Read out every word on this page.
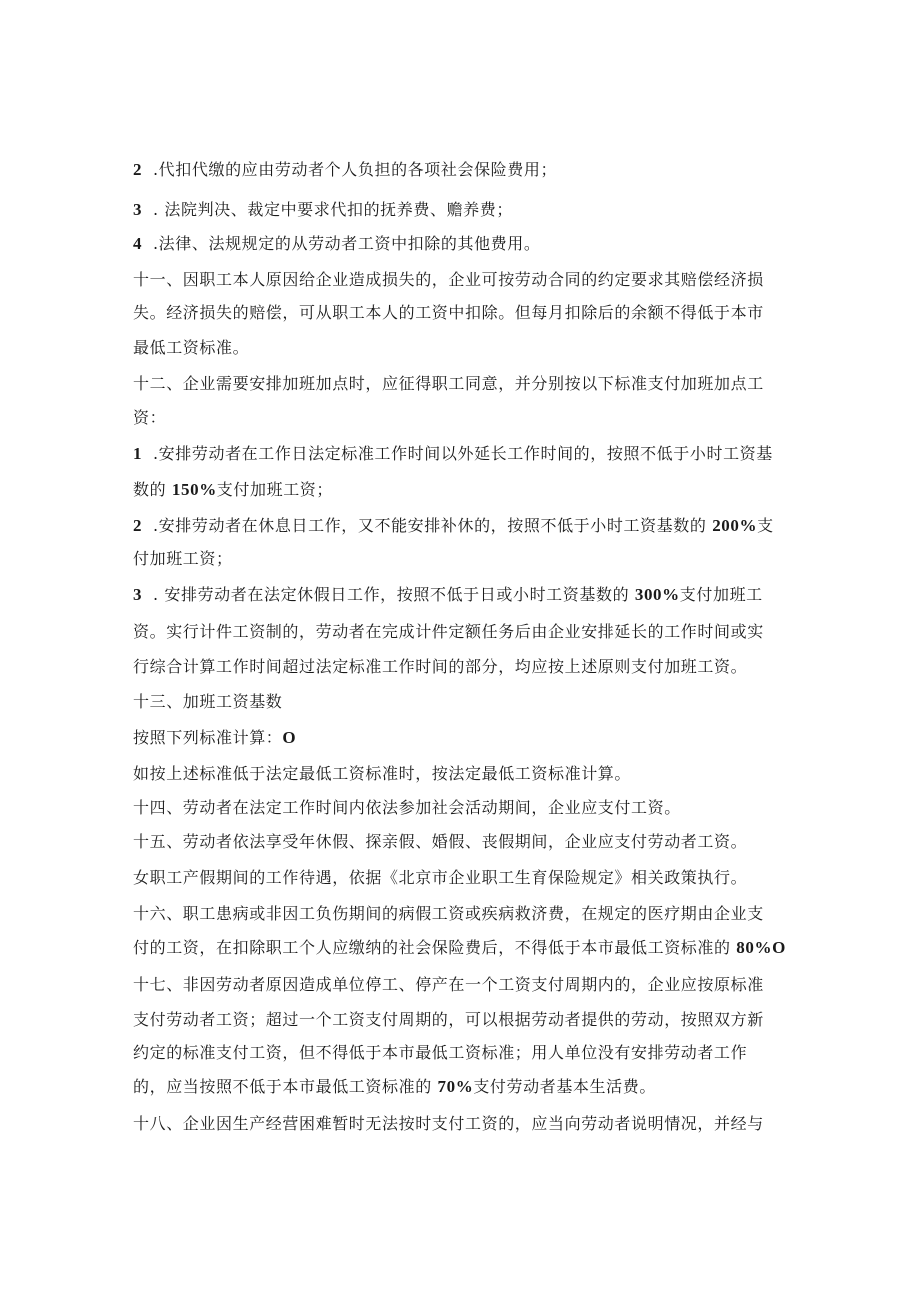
2 .代扣代缴的应由劳动者个人负担的各项社会保险费用；
3 . 法院判决、裁定中要求代扣的抚养费、赡养费；
4 .法律、法规规定的从劳动者工资中扣除的其他费用。
十一、因职工本人原因给企业造成损失的，企业可按劳动合同的约定要求其赔偿经济损
失。经济损失的赔偿，可从职工本人的工资中扣除。但每月扣除后的余额不得低于本市
最低工资标准。
十二、企业需要安排加班加点时，应征得职工同意，并分别按以下标准支付加班加点工
资：
1 .安排劳动者在工作日法定标准工作时间以外延长工作时间的，按照不低于小时工资基
数的 150%支付加班工资；
2 .安排劳动者在休息日工作，又不能安排补休的，按照不低于小时工资基数的 200%支
付加班工资；
3 . 安排劳动者在法定休假日工作，按照不低于日或小时工资基数的 300%支付加班工
资。实行计件工资制的，劳动者在完成计件定额任务后由企业安排延长的工作时间或实
行综合计算工作时间超过法定标准工作时间的部分，均应按上述原则支付加班工资。
十三、加班工资基数
按照下列标准计算：O
如按上述标准低于法定最低工资标准时，按法定最低工资标准计算。
十四、劳动者在法定工作时间内依法参加社会活动期间，企业应支付工资。
十五、劳动者依法享受年休假、探亲假、婚假、丧假期间，企业应支付劳动者工资。
女职工产假期间的工作待遇，依据《北京市企业职工生育保险规定》相关政策执行。
十六、职工患病或非因工负伤期间的病假工资或疾病救济费，在规定的医疗期由企业支
付的工资，在扣除职工个人应缴纳的社会保险费后，不得低于本市最低工资标准的 80%O
十七、非因劳动者原因造成单位停工、停产在一个工资支付周期内的，企业应按原标准
支付劳动者工资；超过一个工资支付周期的，可以根据劳动者提供的劳动，按照双方新
约定的标准支付工资，但不得低于本市最低工资标准；用人单位没有安排劳动者工作
的，应当按照不低于本市最低工资标准的 70%支付劳动者基本生活费。
十八、企业因生产经营困难暂时无法按时支付工资的，应当向劳动者说明情况，并经与
